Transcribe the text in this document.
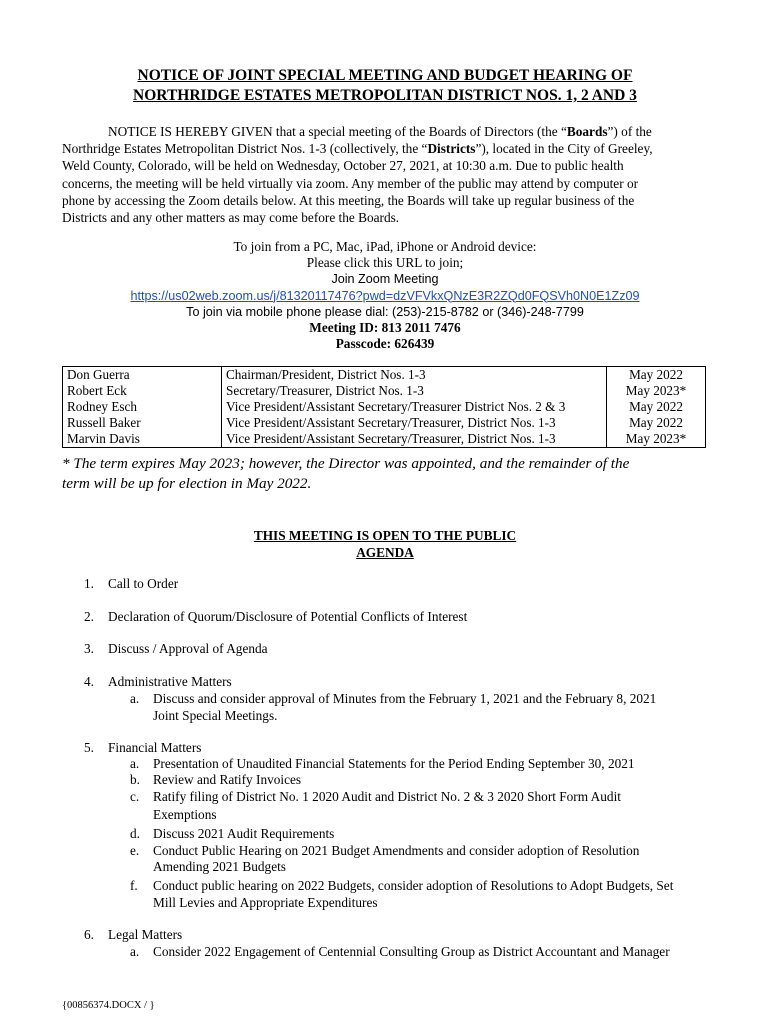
NOTICE OF JOINT SPECIAL MEETING AND BUDGET HEARING OF
NORTHRIDGE ESTATES METROPOLITAN DISTRICT NOS. 1, 2 AND 3
NOTICE IS HEREBY GIVEN that a special meeting of the Boards of Directors (the “Boards”) of the
Northridge Estates Metropolitan District Nos. 1-3 (collectively, the “Districts”), located in the City of Greeley,
Weld County, Colorado, will be held on Wednesday, October 27, 2021, at 10:30 a.m. Due to public health
concerns, the meeting will be held virtually via zoom. Any member of the public may attend by computer or
phone by accessing the Zoom details below. At this meeting, the Boards will take up regular business of the
Districts and any other matters as may come before the Boards.
To join from a PC, Mac, iPad, iPhone or Android device:
Please click this URL to join;
Join Zoom Meeting
https://us02web.zoom.us/j/81320117476?pwd=dzVFVkxQNzE3R2ZQd0FQSVh0N0E1Zz09
To join via mobile phone please dial: (253)-215-8782 or (346)-248-7799
Meeting ID: 813 2011 7476
Passcode: 626439
Don Guerra	Chairman/President, District Nos. 1-3	May 2022
Robert Eck	Secretary/Treasurer, District Nos. 1-3	May 2023*
Rodney Esch	Vice President/Assistant Secretary/Treasurer District Nos. 2 & 3	May 2022
Russell Baker	Vice President/Assistant Secretary/Treasurer, District Nos. 1-3	May 2022
Marvin Davis	Vice President/Assistant Secretary/Treasurer, District Nos. 1-3	May 2023*
* The term expires May 2023; however, the Director was appointed, and the remainder of the
term will be up for election in May 2022.
THIS MEETING IS OPEN TO THE PUBLIC
AGENDA
1. Call to Order
2. Declaration of Quorum/Disclosure of Potential Conflicts of Interest
3. Discuss / Approval of Agenda
4. Administrative Matters
a. Discuss and consider approval of Minutes from the February 1, 2021 and the February 8, 2021
Joint Special Meetings.
5. Financial Matters
a. Presentation of Unaudited Financial Statements for the Period Ending September 30, 2021
b. Review and Ratify Invoices
c. Ratify filing of District No. 1 2020 Audit and District No. 2 & 3 2020 Short Form Audit
Exemptions
d. Discuss 2021 Audit Requirements
e. Conduct Public Hearing on 2021 Budget Amendments and consider adoption of Resolution
Amending 2021 Budgets
f. Conduct public hearing on 2022 Budgets, consider adoption of Resolutions to Adopt Budgets, Set
Mill Levies and Appropriate Expenditures
6. Legal Matters
a. Consider 2022 Engagement of Centennial Consulting Group as District Accountant and Manager
{00856374.DOCX / }
